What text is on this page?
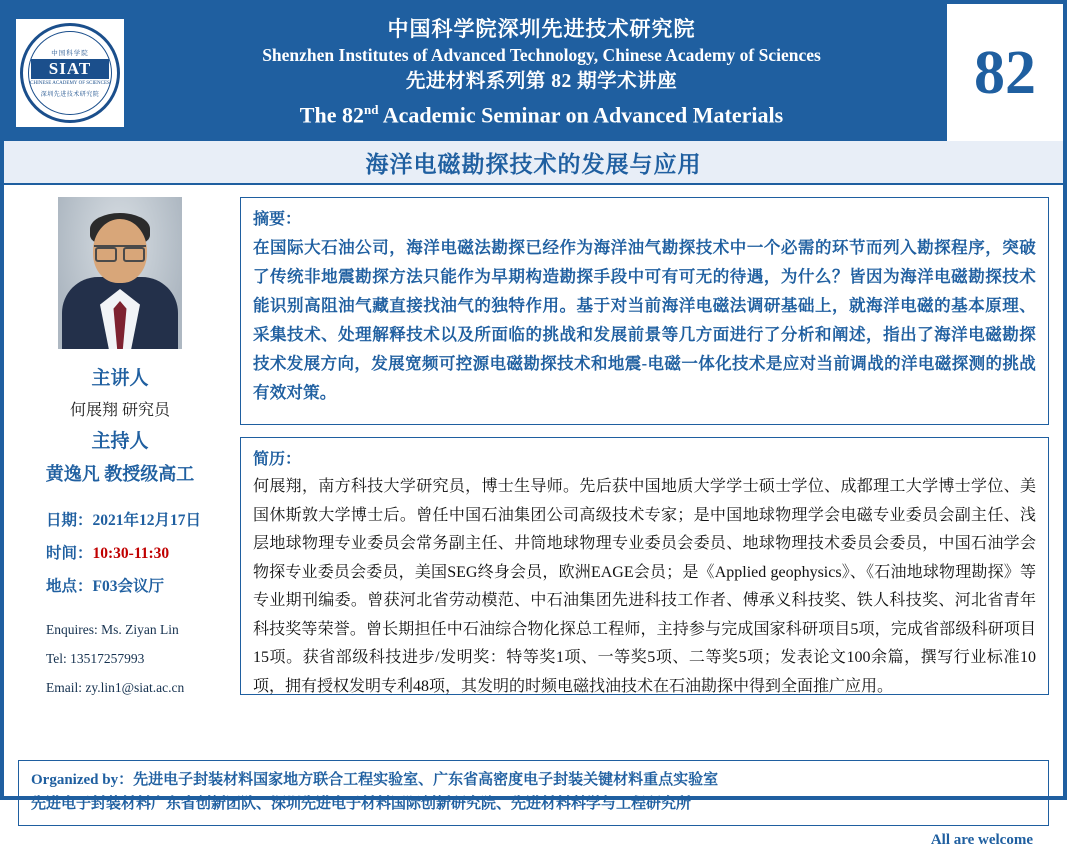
中国科学院
SIAT
CHINESE ACADEMY OF SCIENCES
深圳先进技术研究院
中国科学院深圳先进技术研究院
Shenzhen Institutes of Advanced Technology, Chinese Academy of Sciences
先进材料系列第 82 期学术讲座
The 82nd Academic Seminar on Advanced Materials
82
海洋电磁勘探技术的发展与应用
主讲人
何展翔 研究员
主持人
黄逸凡 教授级高工
日期：2021年12月17日
时间：10:30-11:30
地点：F03会议厅
Enquires: Ms. Ziyan Lin
Tel: 13517257993
Email: zy.lin1@siat.ac.cn
摘要：
在国际大石油公司，海洋电磁法勘探已经作为海洋油气勘探技术中一个必需的环节而列入勘探程序，突破了传统非地震勘探方法只能作为早期构造勘探手段中可有可无的待遇，为什么？皆因为海洋电磁勘探技术能识别高阻油气藏直接找油气的独特作用。基于对当前海洋电磁法调研基础上，就海洋电磁的基本原理、采集技术、处理解释技术以及所面临的挑战和发展前景等几方面进行了分析和阐述，指出了海洋电磁勘探技术发展方向，发展宽频可控源电磁勘探技术和地震-电磁一体化技术是应对当前调战的洋电磁探测的挑战有效对策。
简历：
何展翔，南方科技大学研究员，博士生导师。先后获中国地质大学学士硕士学位、成都理工大学博士学位、美国休斯敦大学博士后。曾任中国石油集团公司高级技术专家；是中国地球物理学会电磁专业委员会副主任、浅层地球物理专业委员会常务副主任、井筒地球物理专业委员会委员、地球物理技术委员会委员，中国石油学会物探专业委员会委员，美国SEG终身会员，欧洲EAGE会员；是《Applied geophysics》、《石油地球物理勘探》等专业期刊编委。曾获河北省劳动模范、中石油集团先进科技工作者、傅承义科技奖、铁人科技奖、河北省青年科技奖等荣誉。曾长期担任中石油综合物化探总工程师，主持参与完成国家科研项目5项，完成省部级科研项目15项。获省部级科技进步/发明奖：特等奖1项、一等奖5项、二等奖5项；发表论文100余篇，撰写行业标准10项，拥有授权发明专利48项，其发明的时频电磁找油技术在石油勘探中得到全面推广应用。
Organized by：先进电子封装材料国家地方联合工程实验室、广东省高密度电子封装关键材料重点实验室
先进电子封装材料广东省创新团队、深圳先进电子材料国际创新研究院、先进材料科学与工程研究所
All are welcome
